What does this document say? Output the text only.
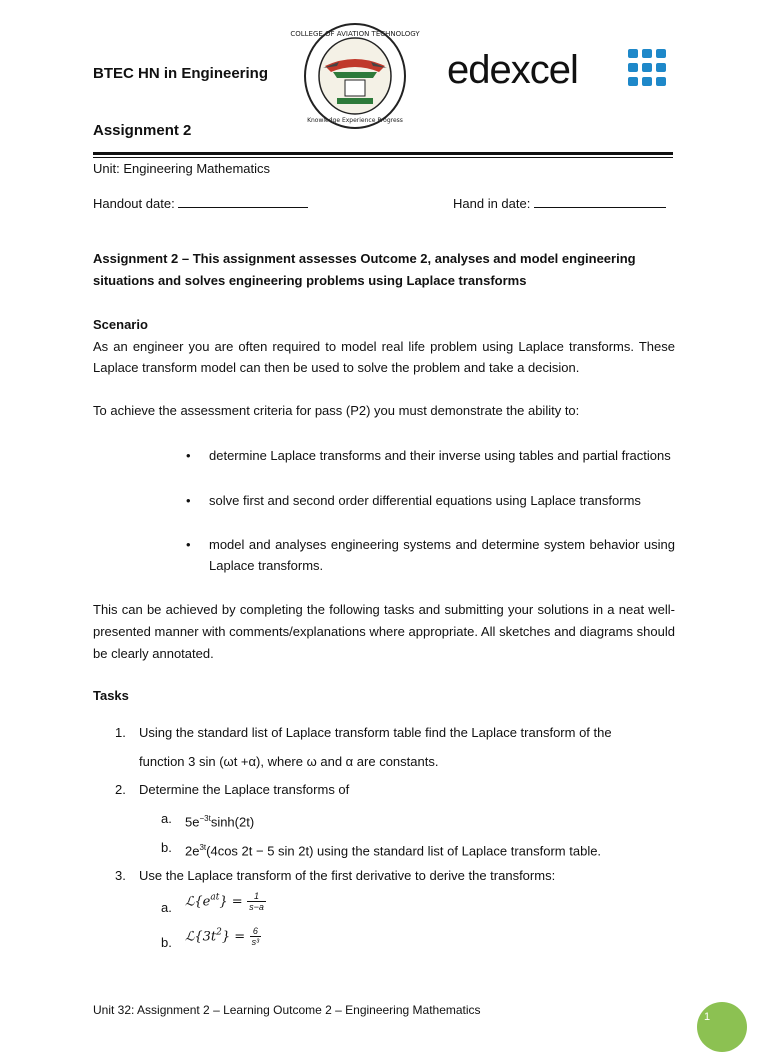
BTEC HN in Engineering
Assignment 2
COLLEGE OF AVIATION TECHNOLOGY
Knowledge Experience Progress
edexcel
Unit: Engineering Mathematics
Handout date:	Hand in date:
Assignment 2 – This assignment assesses Outcome 2, analyses and model engineering situations and solves engineering problems using Laplace transforms
Scenario
As an engineer you are often required to model real life problem using Laplace transforms. These Laplace transform model can then be used to solve the problem and take a decision.
To achieve the assessment criteria for pass (P2) you must demonstrate the ability to:
• determine Laplace transforms and their inverse using tables and partial fractions
• solve first and second order differential equations using Laplace transforms
• model and analyses engineering systems and determine system behavior using Laplace transforms.
This can be achieved by completing the following tasks and submitting your solutions in a neat well-presented manner with comments/explanations where appropriate. All sketches and diagrams should be clearly annotated.
Tasks
1. Using the standard list of Laplace transform table find the Laplace transform of the
function 3 sin (ωt +α), where ω and α are constants.
2. Determine the Laplace transforms of
a. $5e^{-3t}\sinh(2t)$
b. $2e^{3t}(4\cos$ 2t − 5 sin 2t) using the standard list of Laplace transform table.
3. Use the Laplace transform of the first derivative to derive the transforms:
a. $ℒ\{e^{at}\} = \frac{1}{s-a}$
b. $ℒ\{3t^2\} = \frac{6}{\text{s³}}$
Unit 32: Assignment 2 – Learning Outcome 2 – Engineering Mathematics	1
